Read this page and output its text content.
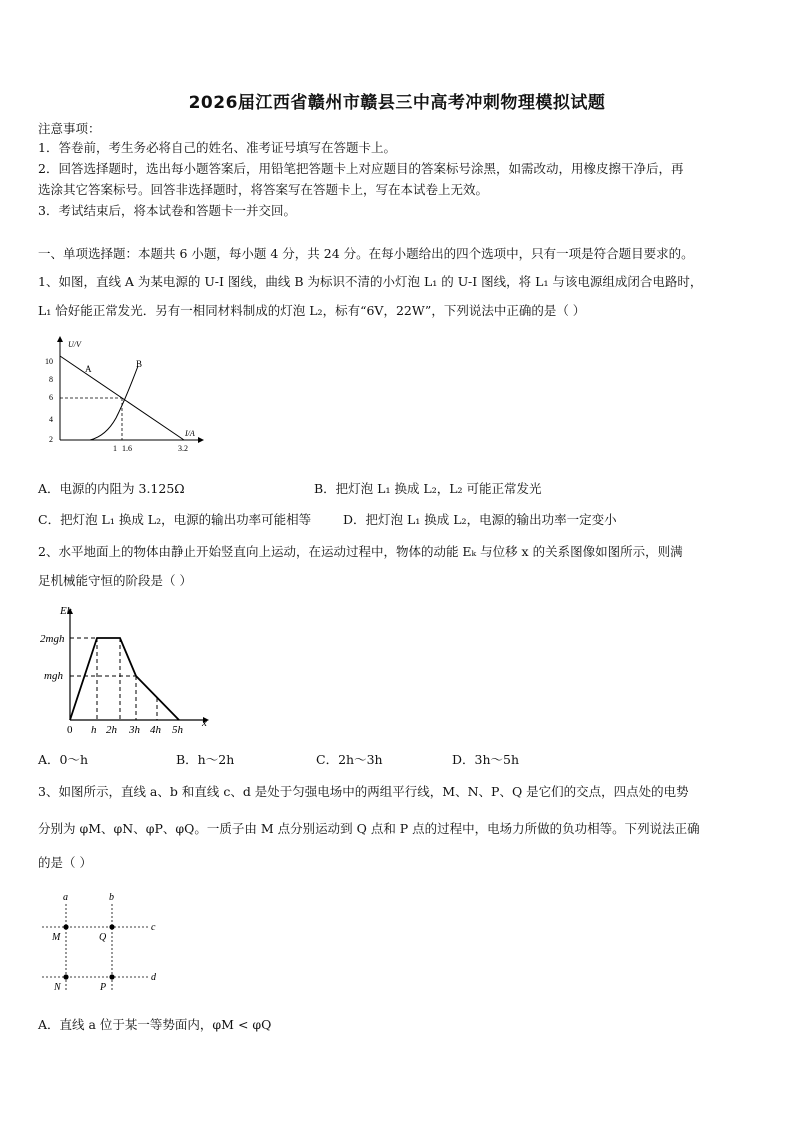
2026届江西省赣州市赣县三中高考冲刺物理模拟试题
注意事项：
1．答卷前，考生务必将自己的姓名、准考证号填写在答题卡上。
2．回答选择题时，选出每小题答案后，用铅笔把答题卡上对应题目的答案标号涂黑，如需改动，用橡皮擦干净后，再
选涂其它答案标号。回答非选择题时，将答案写在答题卡上，写在本试卷上无效。
3．考试结束后，将本试卷和答题卡一并交回。
一、单项选择题：本题共 6 小题，每小题 4 分，共 24 分。在每小题给出的四个选项中，只有一项是符合题目要求的。
1、如图，直线 A 为某电源的 U-I 图线，曲线 B 为标识不清的小灯泡 L₁ 的 U-I 图线，将 L₁ 与该电源组成闭合电路时，
L₁ 恰好能正常发光．另有一相同材料制成的灯泡 L₂，标有“6V，22W”，下列说法中正确的是（ ）
U/V
I/A
10
8
6
4
2
1 1.6	3.2
A	B
A．电源的内阻为 3.125Ω	B．把灯泡 L₁ 换成 L₂，L₂ 可能正常发光
C．把灯泡 L₁ 换成 L₂，电源的输出功率可能相等	D．把灯泡 L₁ 换成 L₂，电源的输出功率一定变小
2、水平地面上的物体由静止开始竖直向上运动，在运动过程中，物体的动能 Eₖ 与位移 x 的关系图像如图所示，则满
足机械能守恒的阶段是（ ）
Ek
x
2mgh
mgh
0 h 2h 3h 4h 5h
A．0～h	B．h～2h	C．2h～3h	D．3h～5h
3、如图所示，直线 a、b 和直线 c、d 是处于匀强电场中的两组平行线，M、N、P、Q 是它们的交点，四点处的电势
分别为 φM、φN、φP、φQ。一质子由 M 点分别运动到 Q 点和 P 点的过程中，电场力所做的负功相等。下列说法正确
的是（ ）
a	b
c
d
M	Q
N	P
A．直线 a 位于某一等势面内，φM < φQ
